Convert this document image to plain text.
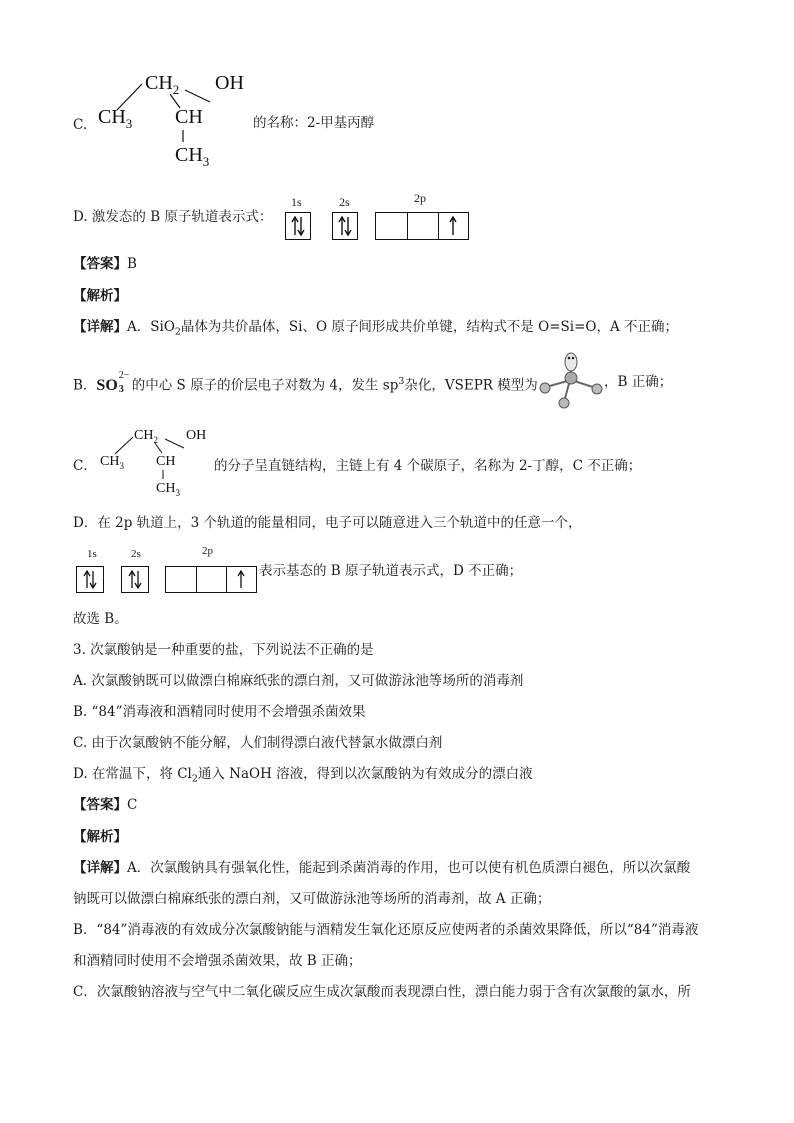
C.
$CH_2$ OH
$CH_3$ CH
$CH_3$
的名称：2-甲基丙醇
D. 激发态的 B 原子轨道表示式：
1s	2s	2p
【答案】B
【解析】
【详解】A．SiO$_2$晶体为共价晶体，Si、O 原子间形成共价单键，结构式不是 O=Si=O，A 不正确；
B．SO
2−
3 的中心 S 原子的价层电子对数为 4，发生 $sp^3$杂化，VSEPR 模型为	，B 正确；
C．
$CH_2$ OH
$CH_3$ CH
$CH_3$
的分子呈直链结构，主链上有 4 个碳原子，名称为 2-丁醇，C 不正确；
D．在 2p 轨道上，3 个轨道的能量相同，电子可以随意进入三个轨道中的任意一个，
1s	2s	2p
表示基态的 B 原子轨道表示式，D 不正确；
故选 B。
3. 次氯酸钠是一种重要的盐，下列说法不正确的是
A. 次氯酸钠既可以做漂白棉麻纸张的漂白剂，又可做游泳池等场所的消毒剂
B. “84”消毒液和酒精同时使用不会增强杀菌效果
C. 由于次氯酸钠不能分解，人们制得漂白液代替氯水做漂白剂
D. 在常温下，将 $Cl_2$通入 NaOH 溶液，得到以次氯酸钠为有效成分的漂白液
【答案】C
【解析】
【详解】A．次氯酸钠具有强氧化性，能起到杀菌消毒的作用，也可以使有机色质漂白褪色，所以次氯酸
钠既可以做漂白棉麻纸张的漂白剂，又可做游泳池等场所的消毒剂，故 A 正确；
B．“84”消毒液的有效成分次氯酸钠能与酒精发生氧化还原反应使两者的杀菌效果降低，所以“84”消毒液
和酒精同时使用不会增强杀菌效果，故 B 正确；
C．次氯酸钠溶液与空气中二氧化碳反应生成次氯酸而表现漂白性，漂白能力弱于含有次氯酸的氯水，所
